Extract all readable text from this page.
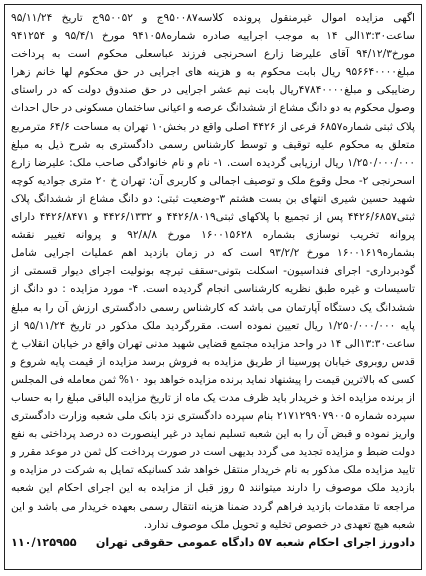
اگهی مزایده اموال غیرمنقول پرونده کلاسه۹۵۰۰۸۷ج و ۹۵۰۰۵۲ج تاریخ ۹۵/۱۱/۲۴ ساعت۱۳:۳۰الی ۱۴ به موجب اجراییه صادره شماره۹۴۱۰۵۸ مورخ ۹۵/۴/۱ و ۹۴۱۲۵۴ مورخ۹۴/۱۲/۳ آقای علیرضا زارع اسحرنجی فرزند عباسعلی محکوم است به پرداخت مبلغ۹۵۶۶۴۰۰۰۰ ریال بابت محکوم به و هزینه های اجرایی در حق محکوم لها خانم زهرا رضاییکی و مبلغ۴۷۸۴۰۰۰۰ریال بابت نیم عشر اجرایی در حق صندوق دولت که در راستای وصول محکوم به دو دانگ مشاع از ششدانگ عرصه و اعیانی ساختمان مسکونی در حال احداث پلاک ثبتی شماره۶۸۵۷ فرعی از ۴۴۲۶ اصلی واقع در بخش۱۰ تهران به مساحت ۶۴/۶ مترمربع متعلق به محکوم علیه توقیف و توسط کارشناس رسمی دادگستری به شرح ذیل به مبلغ ۱/۲۵۰/۰۰۰/۰۰۰ ریال ارزیابی گردیده است. ۱- نام و نام خانوادگی صاحب ملک: علیرضا زارع اسحرنجی ۲- محل وقوع ملک و توصیف اجمالی و کاربری آن: تهران خ ۲۰ متری جوادیه کوچه شهید حسین شیری انتهای بن بست هشتم ۳-وضعیت ثبتی: دو دانگ مشاع از ششدانگ پلاک ثبتی۴۴۲۶/۶۸۵۷ پس از تجمیع با پلاکهای ثبتی۴۴۲۶/۸۰۱۹ و ۴۴۲۶/۱۳۳۲ و ۴۴۲۶/۸۴۷۱ دارای پروانه تخریب نوسازی بشماره ۱۶۰۰۱۵۶۲۸ مورخ ۹۲/۸/۸ و پروانه تغییر نقشه بشماره۱۶۰۰۱۶۱۹ مورخ ۹۳/۲/۲ است که در زمان بازدید اهم عملیات اجرایی شامل گودبرداری- اجرای فنداسیون- اسکلت بتونی-سقف تیرچه بونولیت اجرای دیوار قسمتی از تاسیسات و غیره طبق نظریه کارشناسی انجام گردیده است. ۴- مورد مزایده : دو دانگ از ششدانگ یک دستگاه آپارتمان می باشد که کارشناس رسمی دادگستری ارزش آن را به مبلغ پایه ۱/۲۵۰/۰۰۰/۰۰۰ ریال تعیین نموده است. مقررگردید ملک مذکور در تاریخ ۹۵/۱۱/۲۴ از ساعت۱۳:۳۰الی ۱۴ در واحد مزایده مجتمع قضایی شهید مدنی تهران واقع در خیابان انقلاب خ قدس روبروی خیابان پورسینا از طریق مزایده به فروش برسد مزایده از قیمت پایه شروع و کسی که بالاترین قیمت را پیشنهاد نماید برنده مزایده خواهد بود ۱۰% ثمن معامله فی المجلس از برنده مزایده اخذ و خریدار باید ظرف مدت یک ماه از تاریخ مزایده الباقی مبلغ را به حساب سپرده شماره ۲۱۷۱۲۹۹۰۷۹۰۰۵ بنام سپرده دادگستری نزد بانک ملی شعبه وزارت دادگستری واریز نموده و قبض آن را به این شعبه تسلیم نماید در غیر اینصورت ده درصد پرداختی به نفع دولت ضبط و مزایده تجدید می گردد بدیهی است در صورت پرداخت کل ثمن در موعد مقرر و تایید مزایده ملک مذکور به نام خریدار منتقل خواهد شد کسانیکه تمایل به شرکت در مزایده و بازدید ملک موصوف را دارند میتوانند ۵ روز قبل از مزایده به این اجرای احکام این شعبه مراجعه تا مقدمات بازدید فراهم گردد ضمنا هزینه انتقال رسمی بعهده خریدار می باشد و این شعبه هیچ تعهدی در خصوص تخلیه و تحویل ملک موصوف ندارد.

دادورز اجرای احکام شعبه ۵۷ دادگاه عمومی حقوقی تهران
۱۱۰/۱۲۵۹۵۵
